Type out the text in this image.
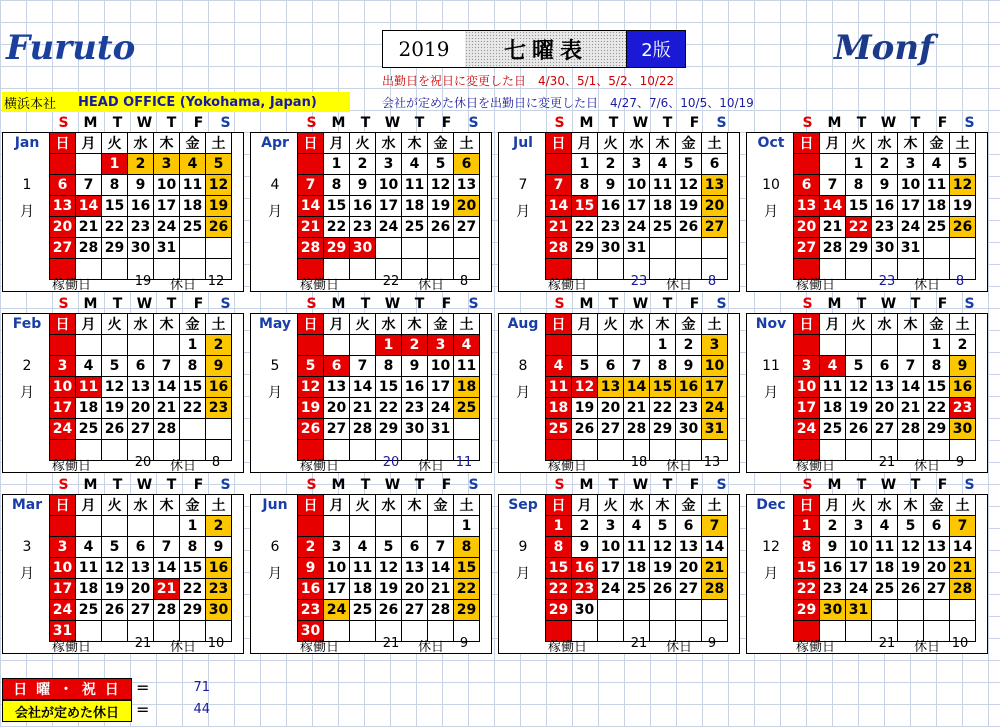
Furuto	2019	七曜表	2版	Monf
出勤日を祝日に変更した日　4/30、5/1、5/2、10/22
会社が定めた休日を出勤日に変更した日　4/27、7/6、10/5、10/19
横浜本社 HEAD OFFICE (Yokohama, Japan)
S	M	T	W	T	F	S
Jan
1
月
日	月	火	水	木	金	土
		1	2	3	4	5
6	7	8	9	10	11	12
13	14	15	16	17	18	19
20	21	22	23	24	25	26
27	28	29	30	31		

稼働日	19	休日 12
S	M	T	W	T	F	S
Feb
2
月
日	月	火	水	木	金	土
					1	2
3	4	5	6	7	8	9
10	11	12	13	14	15	16
17	18	19	20	21	22	23
24	25	26	27	28		

稼働日	20	休日	8
S	M	T	W	T	F	S
Mar
3
月
日	月	火	水	木	金	土
					1	2
3	4	5	6	7	8	9
10	11	12	13	14	15	16
17	18	19	20	21	22	23
24	25	26	27	28	29	30
31						
稼働日	21	休日 10
S	M	T	W	T	F	S
Apr
4
月
日	月	火	水	木	金	土
	1	2	3	4	5	6
7	8	9	10	11	12	13
14	15	16	17	18	19	20
21	22	23	24	25	26	27
28	29	30				

稼働日	22	休日	8
S	M	T	W	T	F	S
May
5
月
日	月	火	水	木	金	土
			1	2	3	4
5	6	7	8	9	10	11
12	13	14	15	16	17	18
19	20	21	22	23	24	25
26	27	28	29	30	31	

稼働日	20	休日 11
S	M	T	W	T	F	S
Jun
6
月
日	月	火	水	木	金	土
						1
2	3	4	5	6	7	8
9	10	11	12	13	14	15
16	17	18	19	20	21	22
23	24	25	26	27	28	29
30						
稼働日	21	休日	9
S	M	T	W	T	F	S
Jul
7
月
日	月	火	水	木	金	土
	1	2	3	4	5	6
7	8	9	10	11	12	13
14	15	16	17	18	19	20
21	22	23	24	25	26	27
28	29	30	31			

稼働日	23	休日	8
S	M	T	W	T	F	S
Aug
8
月
日	月	火	水	木	金	土
				1	2	3
4	5	6	7	8	9	10
11	12	13	14	15	16	17
18	19	20	21	22	23	24
25	26	27	28	29	30	31

稼働日	18	休日 13
S	M	T	W	T	F	S
Sep
9
月
日	月	火	水	木	金	土
1	2	3	4	5	6	7
8	9	10	11	12	13	14
15	16	17	18	19	20	21
22	23	24	25	26	27	28
29	30					

稼働日	21	休日	9
S	M	T	W	T	F	S
Oct
10
月
日	月	火	水	木	金	土
		1	2	3	4	5
6	7	8	9	10	11	12
13	14	15	16	17	18	19
20	21	22	23	24	25	26
27	28	29	30	31		

稼働日	23	休日	8
S	M	T	W	T	F	S
Nov
11
月
日	月	火	水	木	金	土
					1	2
3	4	5	6	7	8	9
10	11	12	13	14	15	16
17	18	19	20	21	22	23
24	25	26	27	28	29	30

稼働日	21	休日	9
S	M	T	W	T	F	S
Dec
12
月
日	月	火	水	木	金	土
1	2	3	4	5	6	7
8	9	10	11	12	13	14
15	16	17	18	19	20	21
22	23	24	25	26	27	28
29	30	31				

稼働日	21	休日 10
日 曜 ・ 祝 日 =	71
会社が定めた休日	=	44
